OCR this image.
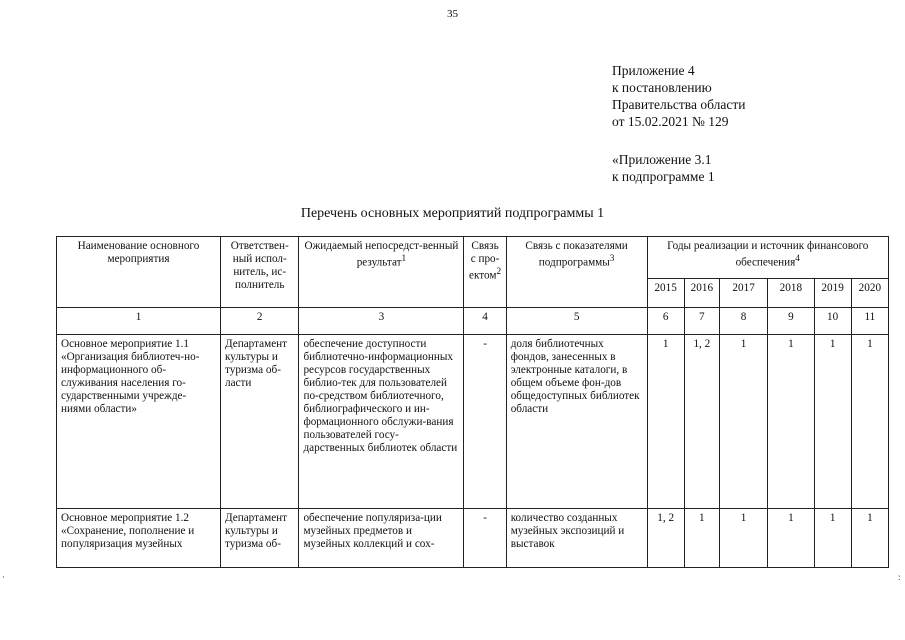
35
Приложение 4
к постановлению
Правительства области
от 15.02.2021 № 129
«Приложение 3.1
к подпрограмме 1
Перечень основных мероприятий подпрограммы 1
Наименование основного мероприятия	Ответствен-ный испол-нитель, ис-полнитель	Ожидаемый непосредст-венный результат$^1$	Связь с про-ектом$^2$	Связь с показателями подпрограммы$^3$	Годы реализации и источник финансового обеспечения$^4$
					2015	2016	2017	2018	2019	2020
1	2	3	4	5	6	7	8	9	10	11
Основное мероприятие 1.1 «Организация библиотеч-но-информационного об-служивания населения го-сударственными учрежде-ниями области»	Департамент культуры и туризма об-ласти	обеспечение доступности библиотечно-информационных ресурсов государственных библио-тек для пользователей по-средством библиотечного, библиографического и ин-формационного обслужи-вания пользователей госу-дарственных библиотек области	-	доля библиотечных фондов, занесенных в электронные каталоги, в общем объеме фон-дов общедоступных библиотек области	1	1, 2	1	1	1	1
Основное мероприятие 1.2 «Сохранение, пополнение и популяризация музейных	Департамент культуры и туризма об-	обеспечение популяриза-ции музейных предметов и музейных коллекций и сох-	-	количество созданных музейных экспозиций и выставок	1, 2	1	1	1	1	1
·	:
